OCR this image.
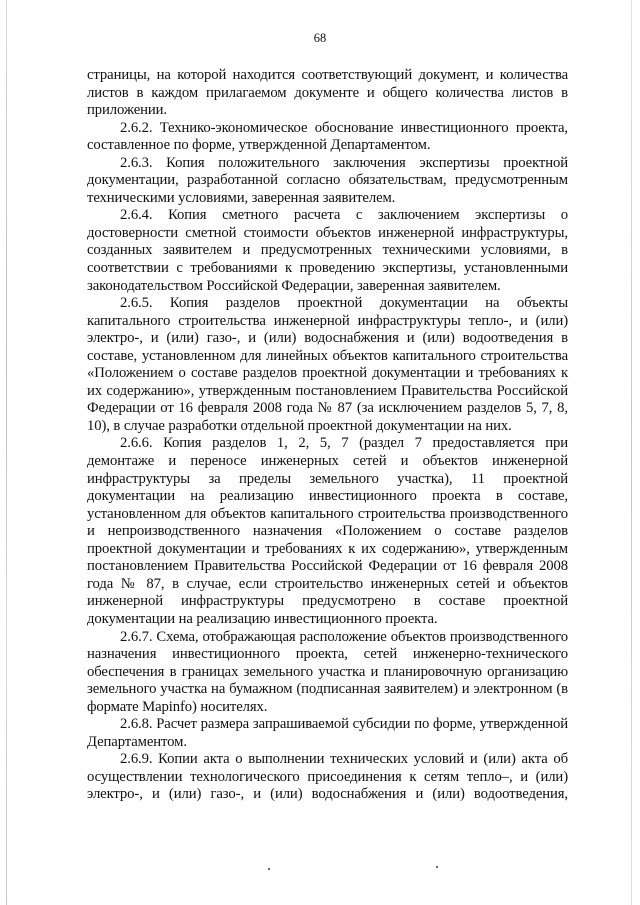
68

страницы, на которой находится соответствующий документ, и количества листов в каждом прилагаемом документе и общего количества листов в приложении.

2.6.2. Технико-экономическое обоснование инвестиционного проекта, составленное по форме, утвержденной Департаментом.

2.6.3. Копия положительного заключения экспертизы проектной документации, разработанной согласно обязательствам, предусмотренным техническими условиями, заверенная заявителем.

2.6.4. Копия сметного расчета с заключением экспертизы о достоверности сметной стоимости объектов инженерной инфраструктуры, созданных заявителем и предусмотренных техническими условиями, в соответствии с требованиями к проведению экспертизы, установленными законодательством Российской Федерации, заверенная заявителем.

2.6.5. Копия разделов проектной документации на объекты капитального строительства инженерной инфраструктуры тепло-, и (или) электро-, и (или) газо-, и (или) водоснабжения и (или) водоотведения в составе, установленном для линейных объектов капитального строительства «Положением о составе разделов проектной документации и требованиях к их содержанию», утвержденным постановлением Правительства Российской Федерации от 16 февраля 2008 года № 87 (за исключением разделов 5, 7, 8, 10), в случае разработки отдельной проектной документации на них.

2.6.6. Копия разделов 1, 2, 5, 7 (раздел 7 предоставляется при демонтаже и переносе инженерных сетей и объектов инженерной инфраструктуры за пределы земельного участка), 11 проектной документации на реализацию инвестиционного проекта в составе, установленном для объектов капитального строительства производственного и непроизводственного назначения «Положением о составе разделов проектной документации и требованиях к их содержанию», утвержденным постановлением Правительства Российской Федерации от 16 февраля 2008 года № 87, в случае, если строительство инженерных сетей и объектов инженерной инфраструктуры предусмотрено в составе проектной документации на реализацию инвестиционного проекта.

2.6.7. Схема, отображающая расположение объектов производственного назначения инвестиционного проекта, сетей инженерно-технического обеспечения в границах земельного участка и планировочную организацию земельного участка на бумажном (подписанная заявителем) и электронном (в формате Mapinfo) носителях.

2.6.8. Расчет размера запрашиваемой субсидии по форме, утвержденной Департаментом.

2.6.9. Копии акта о выполнении технических условий и (или) акта об осуществлении технологического присоединения к сетям тепло–, и (или) электро-, и (или) газо-, и (или) водоснабжения и (или) водоотведения,
